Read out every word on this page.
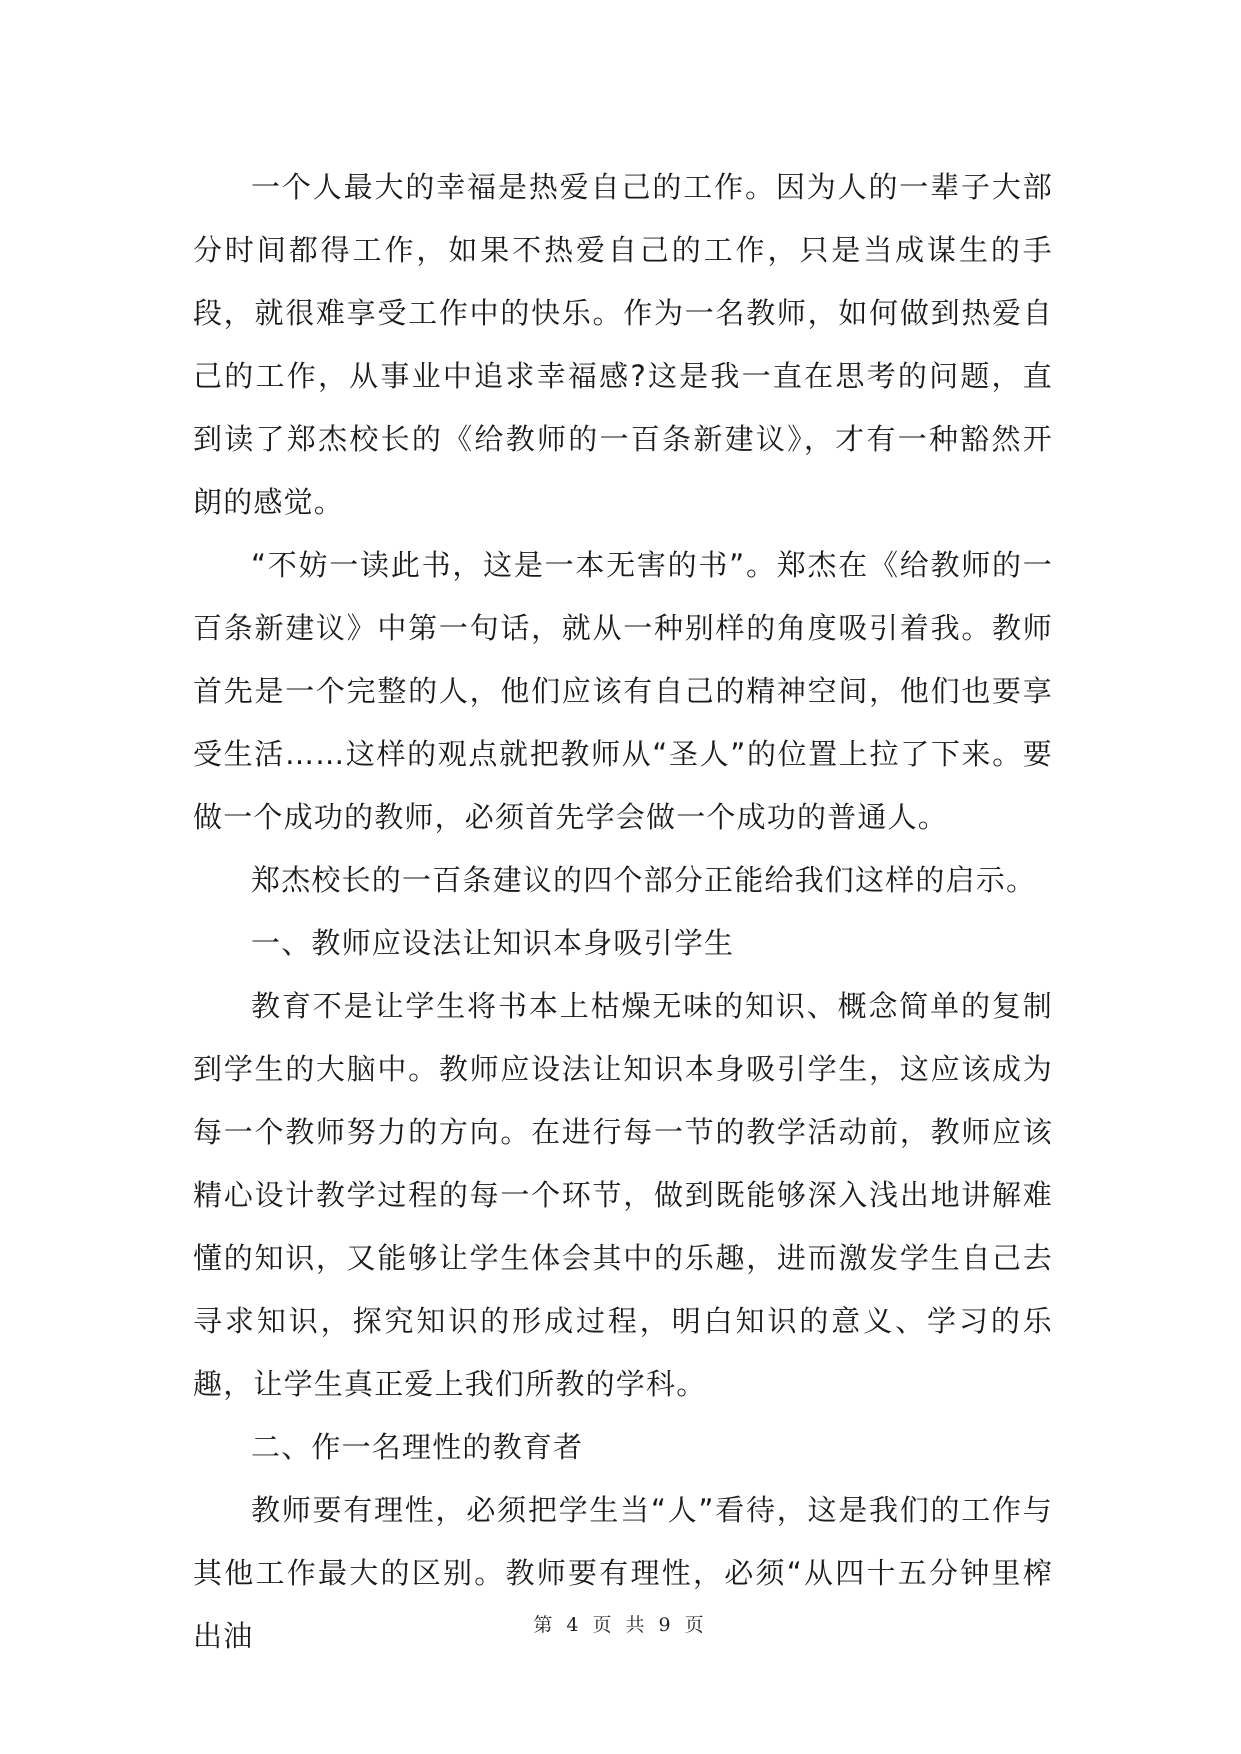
一个人最大的幸福是热爱自己的工作。因为人的一辈子大部分时间都得工作，如果不热爱自己的工作，只是当成谋生的手段，就很难享受工作中的快乐。作为一名教师，如何做到热爱自己的工作，从事业中追求幸福感?这是我一直在思考的问题，直到读了郑杰校长的《给教师的一百条新建议》，才有一种豁然开朗的感觉。

“不妨一读此书，这是一本无害的书”。郑杰在《给教师的一百条新建议》中第一句话，就从一种别样的角度吸引着我。教师首先是一个完整的人，他们应该有自己的精神空间，他们也要享受生活……这样的观点就把教师从“圣人”的位置上拉了下来。要做一个成功的教师，必须首先学会做一个成功的普通人。

郑杰校长的一百条建议的四个部分正能给我们这样的启示。

一、教师应设法让知识本身吸引学生

教育不是让学生将书本上枯燥无味的知识、概念简单的复制到学生的大脑中。教师应设法让知识本身吸引学生，这应该成为每一个教师努力的方向。在进行每一节的教学活动前，教师应该精心设计教学过程的每一个环节，做到既能够深入浅出地讲解难懂的知识，又能够让学生体会其中的乐趣，进而激发学生自己去寻求知识，探究知识的形成过程，明白知识的意义、学习的乐趣，让学生真正爱上我们所教的学科。

二、作一名理性的教育者

教师要有理性，必须把学生当“人”看待，这是我们的工作与其他工作最大的区别。教师要有理性，必须“从四十五分钟里榨出油	第 4 页 共 9 页
